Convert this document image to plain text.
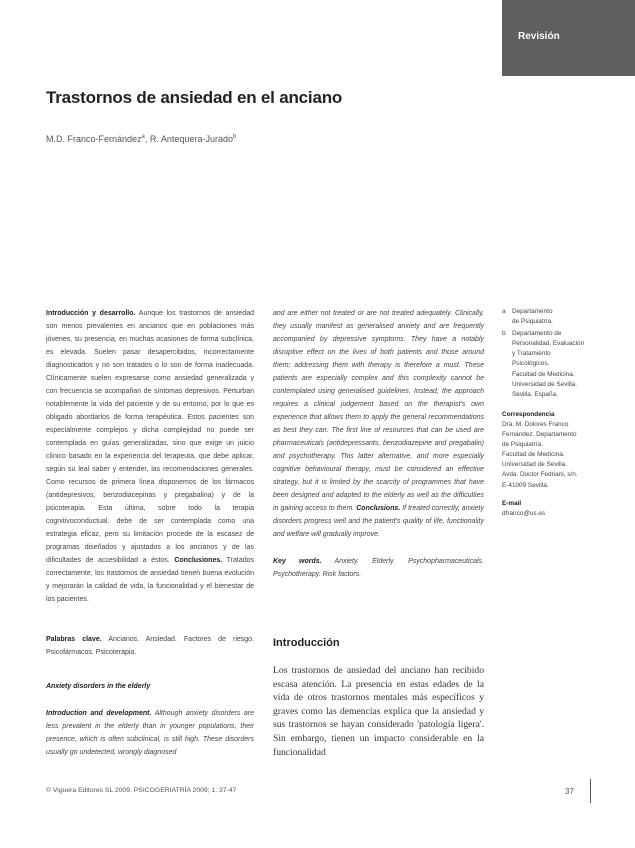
Revisión
Trastornos de ansiedad en el anciano
M.D. Franco-Fernández$^a$, R. Antequera-Jurado$^b$

Introducción y desarrollo. Aunque los trastornos de ansiedad son menos prevalentes en ancianos que en poblaciones más jóvenes, su presencia, en muchas ocasiones de forma subclínica, es elevada. Suelen pasar desapercibidos, incorrectamente diagnosticados y no son tratados o lo son de forma inadecuada. Clínicamente suelen expresarse como ansiedad generalizada y con frecuencia se acompañan de síntomas depresivos. Perturban notablemente la vida del paciente y de su entorno, por lo que es obligado abordarlos de forma terapéutica. Estos pacientes son especialmente complejos y dicha complejidad no puede ser contemplada en guías generalizadas, sino que exige un juicio clínico basado en la experiencia del terapeuta, que debe aplicar, según su leal saber y entender, las recomendaciones generales. Como recursos de primera línea disponemos de los fármacos (antidepresivos, benzodiacepinas y pregabalina) y de la psicoterapia. Esta última, sobre todo la terapia cognitivoconductual, debe de ser contemplada como una estrategia eficaz, pero su limitación procede de la escasez de programas diseñados y ajustados a los ancianos y de las dificultades de accesibilidad a éstos. Conclusiones. Tratados correctamente, los trastornos de ansiedad tienen buena evolución y mejorarán la calidad de vida, la funcionalidad y el bienestar de los pacientes.

Palabras clave. Ancianos. Ansiedad. Factores de riesgo. Psicofármacos. Psicoterapia.

Anxiety disorders in the elderly

Introduction and development. Although anxiety disorders are less prevalent in the elderly than in younger populations, their presence, which is often subclinical, is still high. These disorders usually go undetected, wrongly diagnosed

and are either not treated or are not treated adequately. Clinically, they usually manifest as generalised anxiety and are frequently accompanied by depressive symptoms. They have a notably disruptive effect on the lives of both patients and those around them; addressing them with therapy is therefore a must. These patients are especially complex and this complexity cannot be contemplated using generalised guidelines. Instead, the approach requires a clinical judgement based on the therapist's own experience that allows them to apply the general recommendations as best they can. The first line of resources that can be used are pharmaceuticals (antidepressants, benzodiazepine and pregabalin) and psychotherapy. This latter alternative, and more especially cognitive behavioural therapy, must be considered an effective strategy, but it is limited by the scarcity of programmes that have been designed and adapted to the elderly as well as the difficulties in gaining access to them. Conclusions. If treated correctly, anxiety disorders progress well and the patient's quality of life, functionality and welfare will gradually improve.

Key words. Anxiety. Elderly. Psychopharmaceuticals. Psychotherapy. Risk factors.

Introducción

Los trastornos de ansiedad del anciano han recibido escasa atención. La presencia en estas edades de la vida de otros trastornos mentales más específicos y graves como las demencias explica que la ansiedad y sus trastornos se hayan considerado 'patología ligera'. Sin embargo, tienen un impacto considerable en la funcionalidad

a	Departamento
de Psiquiatría.
b	Departamento de
Personalidad, Evaluación
y Tratamiento
Psicológicos.
Facultad de Medicina.
Universidad de Sevilla.
Sevilla, España.
Correspondencia
Dra. M. Dolores Franco
Fernández. Departamento
de Psiquiatría.
Facultad de Medicina.
Universidad de Sevilla.
Avda. Doctor Fedriani, s/n.
E-41009 Sevilla.
E-mail
dfranco@us.es
© Viguera Editores SL 2009. PSICOGERIATRÍA 2009; 1: 37-47	37
